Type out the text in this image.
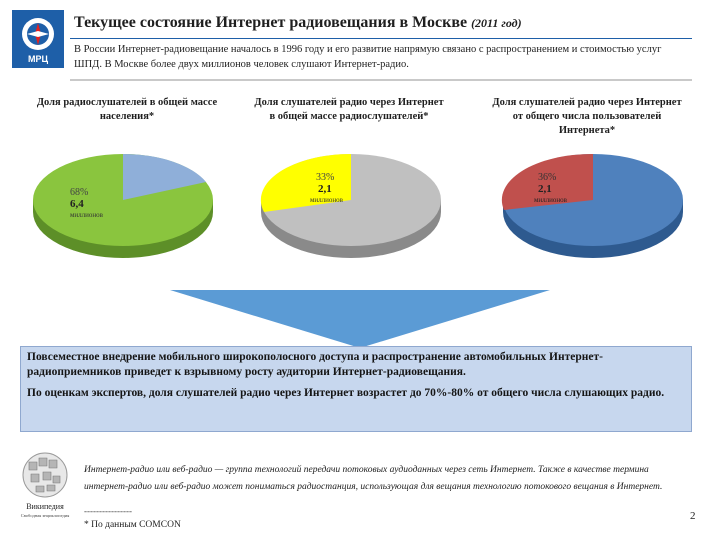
МРЦ
Текущее состояние Интернет радиовещания в Москве (2011 год)
В России Интернет-радиовещание началось в 1996 году и его развитие напрямую связано с распространением и стоимостью услуг ШПД. В Москве более двух миллионов человек слушают Интернет-радио.
Доля радиослушателей в общей массе населения*
Доля слушателей радио через Интернет в общей массе радиослушателей*
Доля слушателей радио через Интернет от общего числа пользователей Интернета*
68%
6,4
миллионов
33%
2,1
миллионов
36%
2,1
миллионов

Повсеместное внедрение мобильного широкополосного доступа и распространение автомобильных Интернет- радиоприемников приведет к взрывному росту аудитории Интернет-радиовещания.

По оценкам экспертов, доля слушателей радио через Интернет возрастет до 70%-80% от общего числа слушающих радио.

Википедия
Свободная энциклопедия
Интернет-радио или веб-радио — группа технологий передачи потоковых аудиоданных через сеть Интернет. Также в качестве термина интернет-радио или веб-радио может пониматься радиостанция, использующая для вещания технологию потокового вещания в Интернет.
----------------
* По данным COMCON
2
